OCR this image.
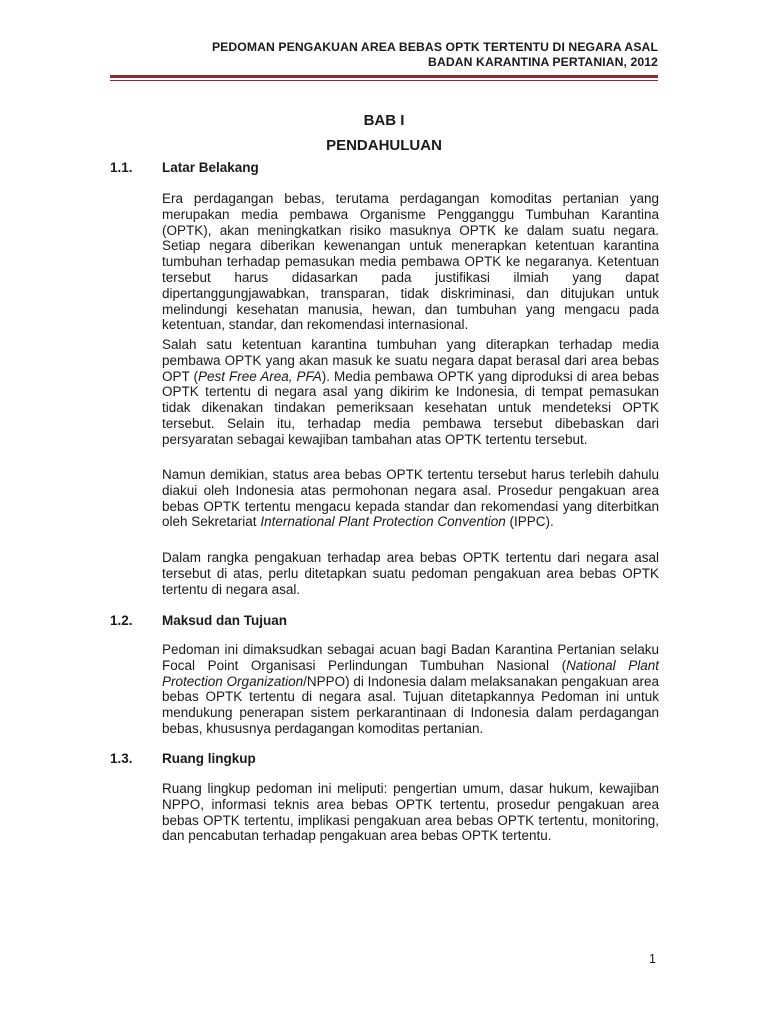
PEDOMAN PENGAKUAN AREA BEBAS OPTK TERTENTU DI NEGARA ASAL
BADAN KARANTINA PERTANIAN, 2012
BAB I
PENDAHULUAN
1.1. Latar Belakang

Era perdagangan bebas, terutama perdagangan komoditas pertanian yang merupakan media pembawa Organisme Pengganggu Tumbuhan Karantina (OPTK), akan meningkatkan risiko masuknya OPTK ke dalam suatu negara. Setiap negara diberikan kewenangan untuk menerapkan ketentuan karantina tumbuhan terhadap pemasukan media pembawa OPTK ke negaranya. Ketentuan tersebut harus didasarkan pada justifikasi ilmiah yang dapat dipertanggungjawabkan, transparan, tidak diskriminasi, dan ditujukan untuk melindungi kesehatan manusia, hewan, dan tumbuhan yang mengacu pada ketentuan, standar, dan rekomendasi internasional.

Salah satu ketentuan karantina tumbuhan yang diterapkan terhadap media pembawa OPTK yang akan masuk ke suatu negara dapat berasal dari area bebas OPT (Pest Free Area, PFA). Media pembawa OPTK yang diproduksi di area bebas OPTK tertentu di negara asal yang dikirim ke Indonesia, di tempat pemasukan tidak dikenakan tindakan pemeriksaan kesehatan untuk mendeteksi OPTK tersebut. Selain itu, terhadap media pembawa tersebut dibebaskan dari persyaratan sebagai kewajiban tambahan atas OPTK tertentu tersebut.

Namun demikian, status area bebas OPTK tertentu tersebut harus terlebih dahulu diakui oleh Indonesia atas permohonan negara asal. Prosedur pengakuan area bebas OPTK tertentu mengacu kepada standar dan rekomendasi yang diterbitkan oleh Sekretariat International Plant Protection Convention (IPPC).

Dalam rangka pengakuan terhadap area bebas OPTK tertentu dari negara asal tersebut di atas, perlu ditetapkan suatu pedoman pengakuan area bebas OPTK tertentu di negara asal.

1.2. Maksud dan Tujuan

Pedoman ini dimaksudkan sebagai acuan bagi Badan Karantina Pertanian selaku Focal Point Organisasi Perlindungan Tumbuhan Nasional (National Plant Protection Organization/NPPO) di Indonesia dalam melaksanakan pengakuan area bebas OPTK tertentu di negara asal. Tujuan ditetapkannya Pedoman ini untuk mendukung penerapan sistem perkarantinaan di Indonesia dalam perdagangan bebas, khususnya perdagangan komoditas pertanian.

1.3. Ruang lingkup

Ruang lingkup pedoman ini meliputi: pengertian umum, dasar hukum, kewajiban NPPO, informasi teknis area bebas OPTK tertentu, prosedur pengakuan area bebas OPTK tertentu, implikasi pengakuan area bebas OPTK tertentu, monitoring, dan pencabutan terhadap pengakuan area bebas OPTK tertentu.

1
